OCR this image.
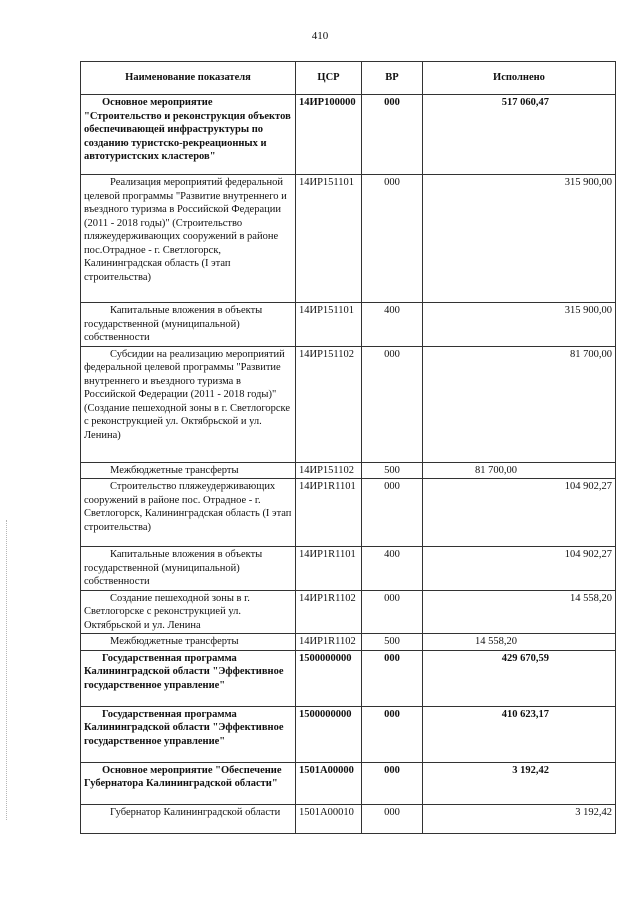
410
Наименование показателя	ЦСР	ВР	Исполнено
Основное мероприятие "Строительство и реконструкция объектов обеспечивающей инфраструктуры по созданию туристско-рекреационных и автотуристских кластеров"	14ИР100000	000	517 060,47
Реализация мероприятий федеральной целевой программы "Развитие внутреннего и въездного туризма в Российской Федерации (2011 - 2018 годы)" (Строительство пляжеудерживающих сооружений в районе пос.Отрадное - г. Светлогорск, Калининградская область (I этап строительства)	14ИР151101	000	315 900,00
Капитальные вложения в объекты государственной (муниципальной) собственности	14ИР151101	400	315 900,00
Субсидии на реализацию мероприятий федеральной целевой программы "Развитие внутреннего и въездного туризма в Российской Федерации (2011 - 2018 годы)" (Создание пешеходной зоны в г. Светлогорске с реконструкцией ул. Октябрьской и ул. Ленина)	14ИР151102	000	81 700,00
Межбюджетные трансферты	14ИР151102	500	81 700,00
Строительство пляжеудерживающих сооружений в районе пос. Отрадное - г. Светлогорск, Калининградская область (I этап строительства)	14ИР1R1101	000	104 902,27
Капитальные вложения в объекты государственной (муниципальной) собственности	14ИР1R1101	400	104 902,27
Создание пешеходной зоны в г. Светлогорске с реконструкцией ул. Октябрьской и ул. Ленина	14ИР1R1102	000	14 558,20
Межбюджетные трансферты	14ИР1R1102	500	14 558,20
Государственная программа Калининградской области "Эффективное государственное управление"	1500000000	000	429 670,59
Государственная программа Калининградской области "Эффективное государственное управление"	1500000000	000	410 623,17
Основное мероприятие "Обеспечение Губернатора Калининградской области"	1501A00000	000	3 192,42
Губернатор Калининградской области	1501A00010	000	3 192,42
